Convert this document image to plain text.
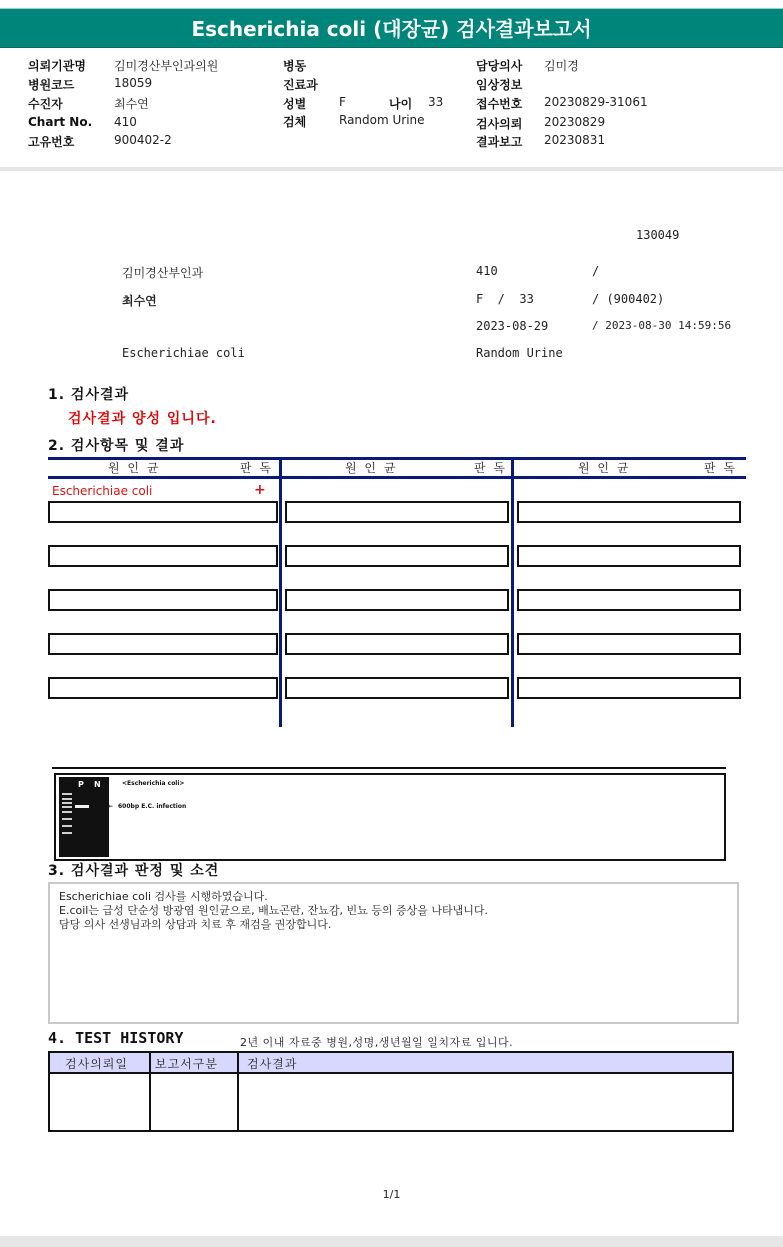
Escherichia coli (대장균) 검사결과보고서
의뢰기관명 김미경산부인과의원	병동	담당의사 김미경
병원코드	18059	진료과	임상정보
수진자	최수연	성별	F	나이 33	접수번호 20230829-31061
Chart No. 410	검체	Random Urine	검사의뢰 20230829
고유번호	900402-2	결과보고 20230831
130049
김미경산부인과	410	/
최수연	F  /  33	/ (900402)
2023-08-29	/ 2023-08-30 14:59:56
Escherichiae coli	Random Urine
1. 검사결과
검사결과 양성 입니다.
2. 검사항목 및 결과
원 인 균	판 독	원 인 균	판 독	원 인 균	판 독
Escherichiae coli	+
P N	<Escherichia coli>
← 600bp E.C. infection
3. 검사결과 판정 및 소견
Escherichiae coli 검사를 시행하였습니다.
E.coil는 급성 단순성 방광염 원인균으로, 배뇨곤란, 잔뇨감, 빈뇨 등의 증상을 나타냅니다.
담당 의사 선생님과의 상담과 치료 후 재검을 권장합니다.
4. TEST HISTORY	2년 이내 자료중 병원,성명,생년월일 일치자료 입니다.
검사의뢰일 보고서구분 검사결과
1/1
